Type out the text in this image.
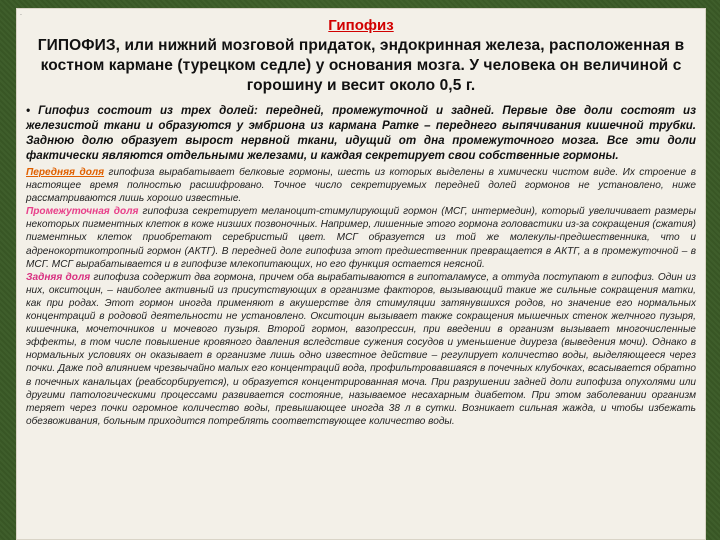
.
Гипофиз
ГИПОФИЗ, или нижний мозговой придаток, эндокринная железа, расположенная в костном кармане (турецком седле) у основания мозга. У человека он величиной с горошину и весит около 0,5 г.
• Гипофиз состоит из трех долей: передней, промежуточной и задней. Первые две доли состоят из железистой ткани и образуются у эмбриона из кармана Ратке – переднего выпячивания кишечной трубки. Заднюю долю образует вырост нервной ткани, идущий от дна промежуточного мозга. Все эти доли фактически являются отдельными железами, и каждая секретирует свои собственные гормоны.
Передняя доля гипофиза вырабатывает белковые гормоны, шесть из которых выделены в химически чистом виде. Их строение в настоящее время полностью расшифровано. Точное число секретируемых передней долей гормонов не установлено, ниже рассматриваются лишь хорошо известные.
Промежуточная доля гипофиза секретирует меланоцит-стимулирующий гормон (МСГ, интермедин), который увеличивает размеры некоторых пигментных клеток в коже низших позвоночных. Например, лишенные этого гормона головастики из-за сокращения (сжатия) пигментных клеток приобретают серебристый цвет. МСГ образуется из той же молекулы-предшественника, что и адренокортикотропный гормон (АКТГ). В передней доле гипофиза этот предшественник превращается в АКТГ, а в промежуточной – в МСГ. МСГ вырабатывается и в гипофизе млекопитающих, но его функция остается неясной.
Задняя доля гипофиза содержит два гормона, причем оба вырабатываются в гипоталамусе, а оттуда поступают в гипофиз. Один из них, окситоцин, – наиболее активный из присутствующих в организме факторов, вызывающий такие же сильные сокращения матки, как при родах. Этот гормон иногда применяют в акушерстве для стимуляции затянувшихся родов, но значение его нормальных концентраций в родовой деятельности не установлено. Окситоцин вызывает также сокращения мышечных стенок желчного пузыря, кишечника, мочеточников и мочевого пузыря. Второй гормон, вазопрессин, при введении в организм вызывает многочисленные эффекты, в том числе повышение кровяного давления вследствие сужения сосудов и уменьшение диуреза (выведения мочи). Однако в нормальных условиях он оказывает в организме лишь одно известное действие – регулирует количество воды, выделяющееся через почки. Даже под влиянием чрезвычайно малых его концентраций вода, профильтровавшаяся в почечных клубочках, всасывается обратно в почечных канальцах (реабсорбируется), и образуется концентрированная моча. При разрушении задней доли гипофиза опухолями или другими патологическими процессами развивается состояние, называемое несахарным диабетом. При этом заболевании организм теряет через почки огромное количество воды, превышающее иногда 38 л в сутки. Возникает сильная жажда, и чтобы избежать обезвоживания, больным приходится потреблять соответствующее количество воды.
